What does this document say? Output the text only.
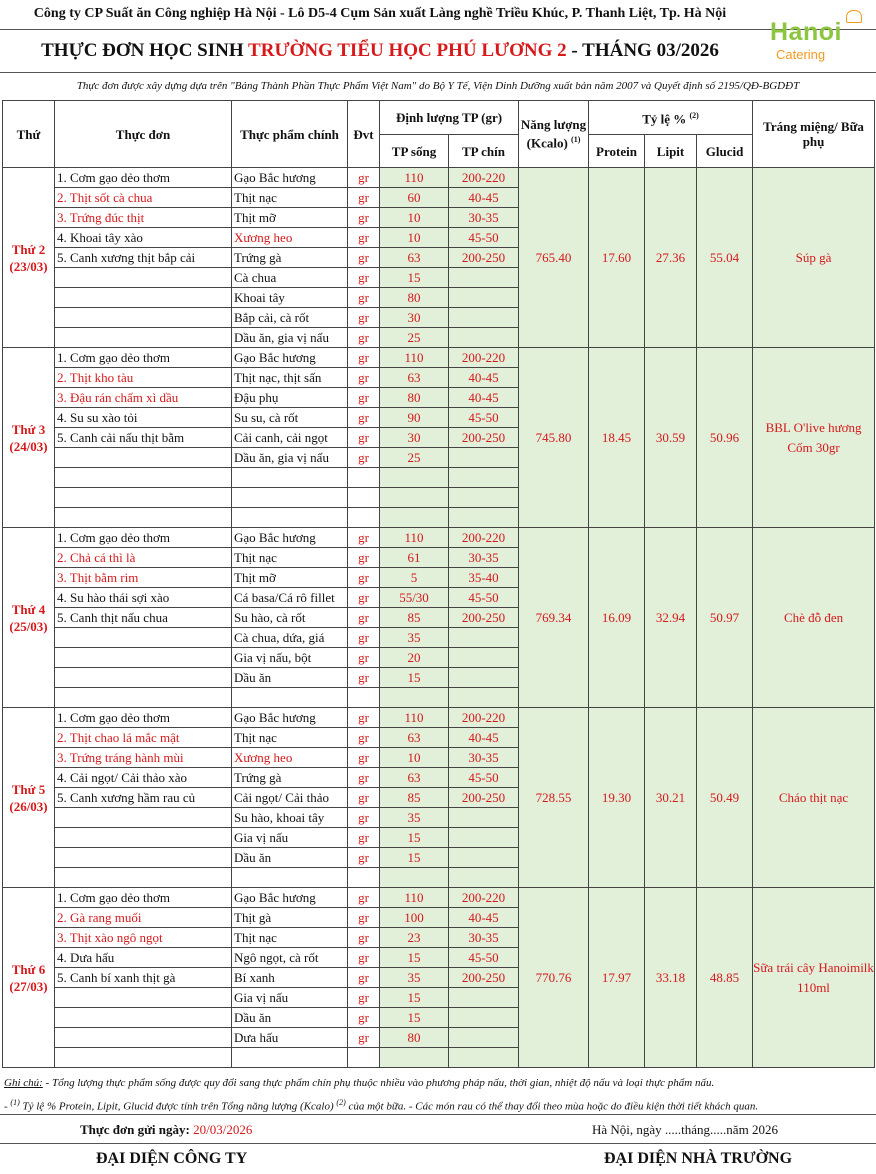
Công ty CP Suất ăn Công nghiệp Hà Nội - Lô D5-4 Cụm Sản xuất Làng nghề Triều Khúc, P. Thanh Liệt, Tp. Hà Nội
THỰC ĐƠN HỌC SINH TRƯỜNG TIỂU HỌC PHÚ LƯƠNG 2 - THÁNG 03/2026
Hanoi
Catering
Thực đơn được xây dựng dựa trên "Bảng Thành Phần Thực Phẩm Việt Nam" do Bộ Y Tế, Viện Dinh Dưỡng xuất bản năm 2007 và Quyết định số 2195/QĐ-BGDĐT
Thứ	Thực đơn	Thực phẩm chính	Đvt	Định lượng TP (gr)		Năng lượng (Kcalo) $^{(1)}$	Tỷ lệ % $^{(2)}$			Tráng miệng/ Bữa phụ
				TP sống	TP chín		Protein	Lipit	Glucid	

Thứ 2
(23/03)	1. Cơm gạo dẻo thơm	Gạo Bắc hương	gr	110	200-220	765.40	17.60	27.36	55.04	Súp gà
	2. Thịt sốt cà chua	Thịt nạc	gr	60	40-45					
	3. Trứng đúc thịt	Thịt mỡ	gr	10	30-35					
	4. Khoai tây xào	Xương heo	gr	10	45-50					
	5. Canh xương thịt bắp cải	Trứng gà	gr	63	200-250					
		Cà chua	gr	15						
		Khoai tây	gr	80						
		Bắp cải, cà rốt	gr	30						
		Dầu ăn, gia vị nấu	gr	25						

Thứ 3
(24/03)	1. Cơm gạo dẻo thơm	Gạo Bắc hương	gr	110	200-220	745.80	18.45	30.59	50.96	BBL O'live hương Cốm 30gr
	2. Thịt kho tàu	Thịt nạc, thịt sấn	gr	63	40-45					
	3. Đậu rán chấm xì dầu	Đậu phụ	gr	80	40-45					
	4. Su su xào tỏi	Su su, cà rốt	gr	90	45-50					
	5. Canh cải nấu thịt bằm	Cải canh, cải ngọt	gr	30	200-250					
		Dầu ăn, gia vị nấu	gr	25						

Thứ 4
(25/03)	1. Cơm gạo dẻo thơm	Gạo Bắc hương	gr	110	200-220	769.34	16.09	32.94	50.97	Chè đỗ đen
	2. Chả cá thì là	Thịt nạc	gr	61	30-35					
	3. Thịt bằm rim	Thịt mỡ	gr	5	35-40					
	4. Su hào thái sợi xào	Cá basa/Cá rô fillet	gr	55/30	45-50					
	5. Canh thịt nấu chua	Su hào, cà rốt	gr	85	200-250					
		Cà chua, dứa, giá	gr	35						
		Gia vị nấu, bột	gr	20						
		Dầu ăn	gr	15						

Thứ 5
(26/03)	1. Cơm gạo dẻo thơm	Gạo Bắc hương	gr	110	200-220	728.55	19.30	30.21	50.49	Cháo thịt nạc
	2. Thịt chao lá mắc mật	Thịt nạc	gr	63	40-45					
	3. Trứng tráng hành mùi	Xương heo	gr	10	30-35					
	4. Cải ngọt/ Cải thảo xào	Trứng gà	gr	63	45-50					
	5. Canh xương hầm rau củ	Cải ngọt/ Cải thảo	gr	85	200-250					
		Su hào, khoai tây	gr	35						
		Gia vị nấu	gr	15						
		Dầu ăn	gr	15						

Thứ 6
(27/03)	1. Cơm gạo dẻo thơm	Gạo Bắc hương	gr	110	200-220	770.76	17.97	33.18	48.85	Sữa trái cây Hanoimilk 110ml
	2. Gà rang muối	Thịt gà	gr	100	40-45					
	3. Thịt xào ngô ngọt	Thịt nạc	gr	23	30-35					
	4. Dưa hấu	Ngô ngọt, cà rốt	gr	15	45-50					
	5. Canh bí xanh thịt gà	Bí xanh	gr	35	200-250					
		Gia vị nấu	gr	15						
		Dầu ăn	gr	15						
		Dưa hấu	gr	80						

Ghi chú: - Tổng lượng thực phẩm sống được quy đổi sang thực phẩm chín phụ thuộc nhiều vào phương pháp nấu, thời gian, nhiệt độ nấu và loại thực phẩm nấu.
- $^{(1)}$ Tỷ lệ % Protein, Lipit, Glucid được tính trên Tổng năng lượng (Kcalo) $^{(2)}$ của một bữa. - Các món rau có thể thay đổi theo mùa hoặc do điều kiện thời tiết khách quan.
Thực đơn gửi ngày: 20/03/2026	Hà Nội, ngày .....tháng.....năm 2026
ĐẠI DIỆN CÔNG TY	ĐẠI DIỆN NHÀ TRƯỜNG
